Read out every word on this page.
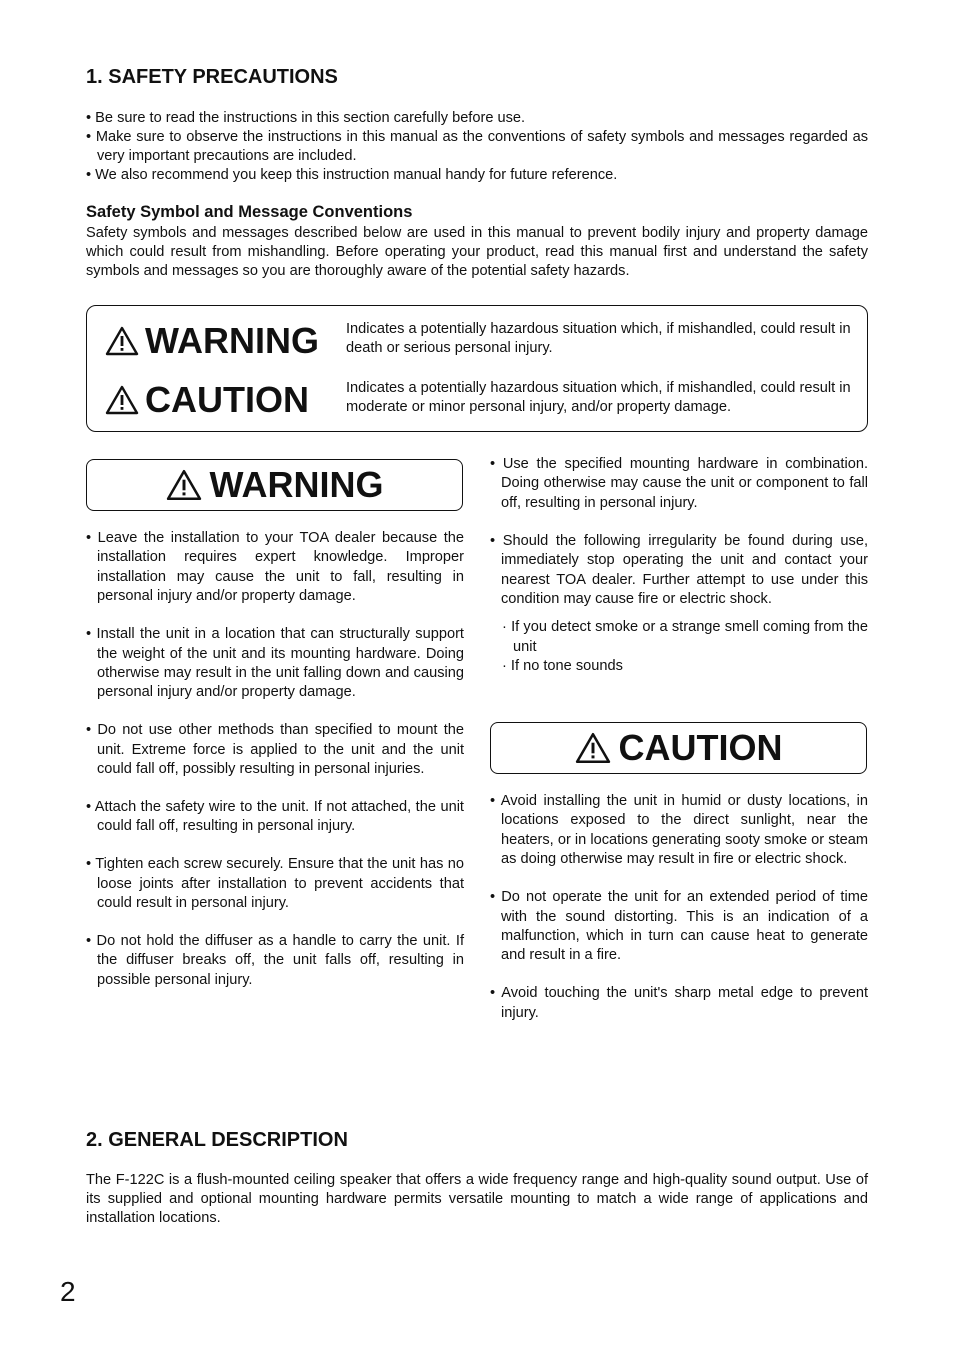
1. SAFETY PRECAUTIONS

• Be sure to read the instructions in this section carefully before use.

• Make sure to observe the instructions in this manual as the conventions of safety symbols and messages regarded as very important precautions are included.

• We also recommend you keep this instruction manual handy for future reference.

Safety Symbol and Message Conventions

Safety symbols and messages described below are used in this manual to prevent bodily injury and property damage which could result from mishandling. Before operating your product, read this manual first and understand the safety symbols and messages so you are thoroughly aware of the potential safety hazards.

WARNING Indicates a potentially hazardous situation which, if mishandled, could result in death or serious personal injury.
CAUTION	Indicates a potentially hazardous situation which, if mishandled, could result in moderate or minor personal injury, and/or property damage.
WARNING

• Leave the installation to your TOA dealer because the installation requires expert knowledge. Improper installation may cause the unit to fall, resulting in personal injury and/or property damage.

• Install the unit in a location that can structurally support the weight of the unit and its mounting hardware. Doing otherwise may result in the unit falling down and causing personal injury and/or property damage.

• Do not use other methods than specified to mount the unit. Extreme force is applied to the unit and the unit could fall off, possibly resulting in personal injuries.

• Attach the safety wire to the unit. If not attached, the unit could fall off, resulting in personal injury.

• Tighten each screw securely. Ensure that the unit has no loose joints after installation to prevent accidents that could result in personal injury.

• Do not hold the diffuser as a handle to carry the unit. If the diffuser breaks off, the unit falls off, resulting in possible personal injury.

• Use the specified mounting hardware in combination. Doing otherwise may cause the unit or component to fall off, resulting in personal injury.

• Should the following irregularity be found during use, immediately stop operating the unit and contact your nearest TOA dealer. Further attempt to use under this condition may cause fire or electric shock.

· If you detect smoke or a strange smell coming from the unit

· If no tone sounds

CAUTION

• Avoid installing the unit in humid or dusty locations, in locations exposed to the direct sunlight, near the heaters, or in locations generating sooty smoke or steam as doing otherwise may result in fire or electric shock.

• Do not operate the unit for an extended period of time with the sound distorting. This is an indication of a malfunction, which in turn can cause heat to generate and result in a fire.

• Avoid touching the unit's sharp metal edge to prevent injury.

2. GENERAL DESCRIPTION

The F-122C is a flush-mounted ceiling speaker that offers a wide frequency range and high-quality sound output. Use of its supplied and optional mounting hardware permits versatile mounting to match a wide range of applications and installation locations.

2
